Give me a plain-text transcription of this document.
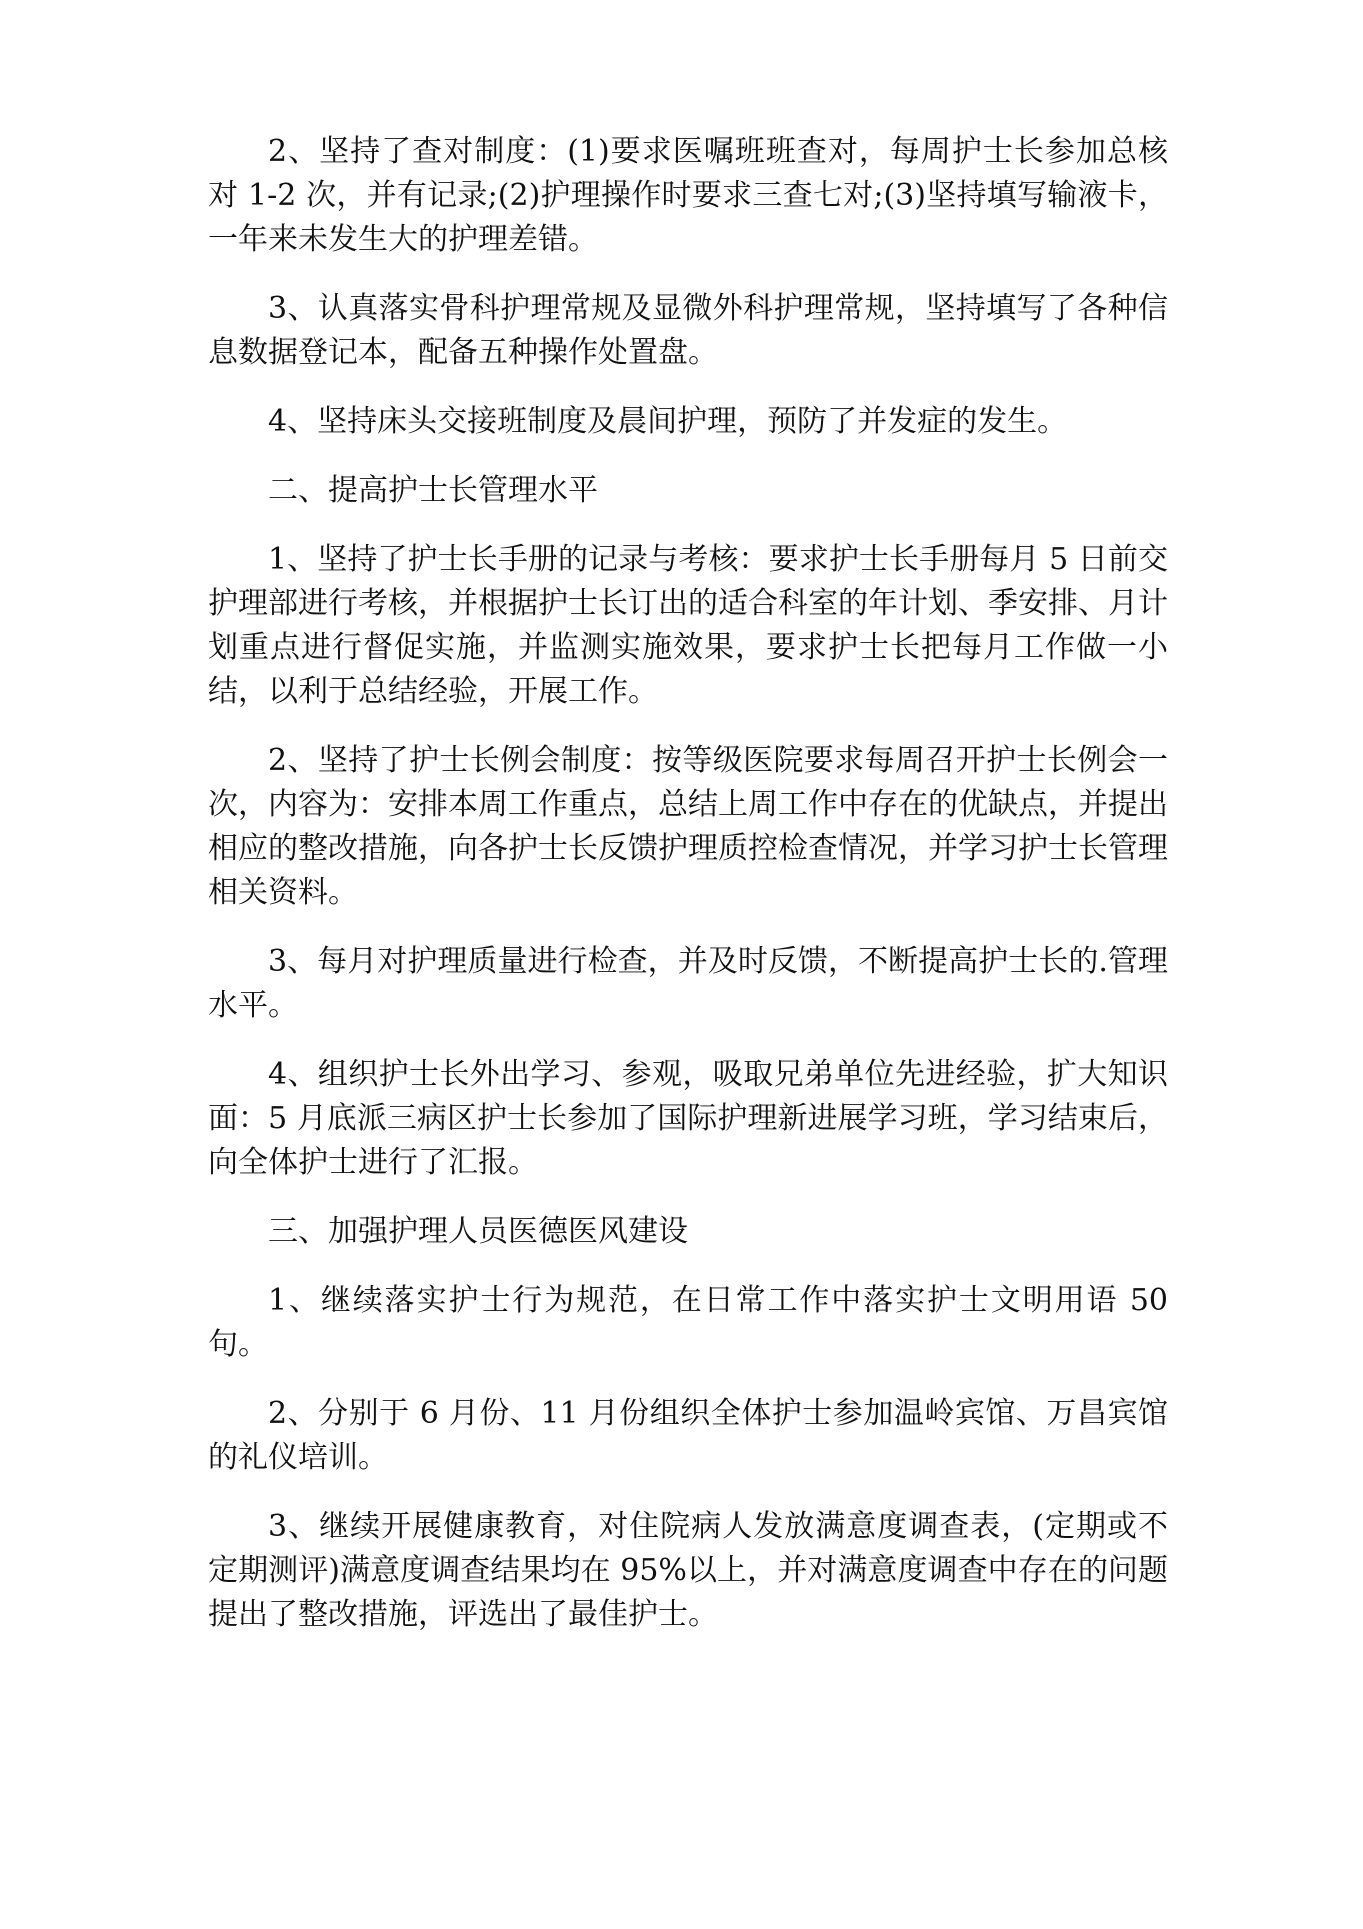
2、坚持了查对制度：(1)要求医嘱班班查对，每周护士长参加总核对 1-2 次，并有记录;(2)护理操作时要求三查七对;(3)坚持填写输液卡，一年来未发生大的护理差错。

3、认真落实骨科护理常规及显微外科护理常规，坚持填写了各种信息数据登记本，配备五种操作处置盘。

4、坚持床头交接班制度及晨间护理，预防了并发症的发生。

二、提高护士长管理水平

1、坚持了护士长手册的记录与考核：要求护士长手册每月 5 日前交护理部进行考核，并根据护士长订出的适合科室的年计划、季安排、月计划重点进行督促实施，并监测实施效果，要求护士长把每月工作做一小结，以利于总结经验，开展工作。

2、坚持了护士长例会制度：按等级医院要求每周召开护士长例会一次，内容为：安排本周工作重点，总结上周工作中存在的优缺点，并提出相应的整改措施，向各护士长反馈护理质控检查情况，并学习护士长管理相关资料。

3、每月对护理质量进行检查，并及时反馈，不断提高护士长的.管理水平。

4、组织护士长外出学习、参观，吸取兄弟单位先进经验，扩大知识面：5 月底派三病区护士长参加了国际护理新进展学习班，学习结束后，向全体护士进行了汇报。

三、加强护理人员医德医风建设

1、继续落实护士行为规范，在日常工作中落实护士文明用语 50句。

2、分别于 6 月份、11 月份组织全体护士参加温岭宾馆、万昌宾馆的礼仪培训。

3、继续开展健康教育，对住院病人发放满意度调查表，(定期或不定期测评)满意度调查结果均在 95%以上，并对满意度调查中存在的问题提出了整改措施，评选出了最佳护士。
